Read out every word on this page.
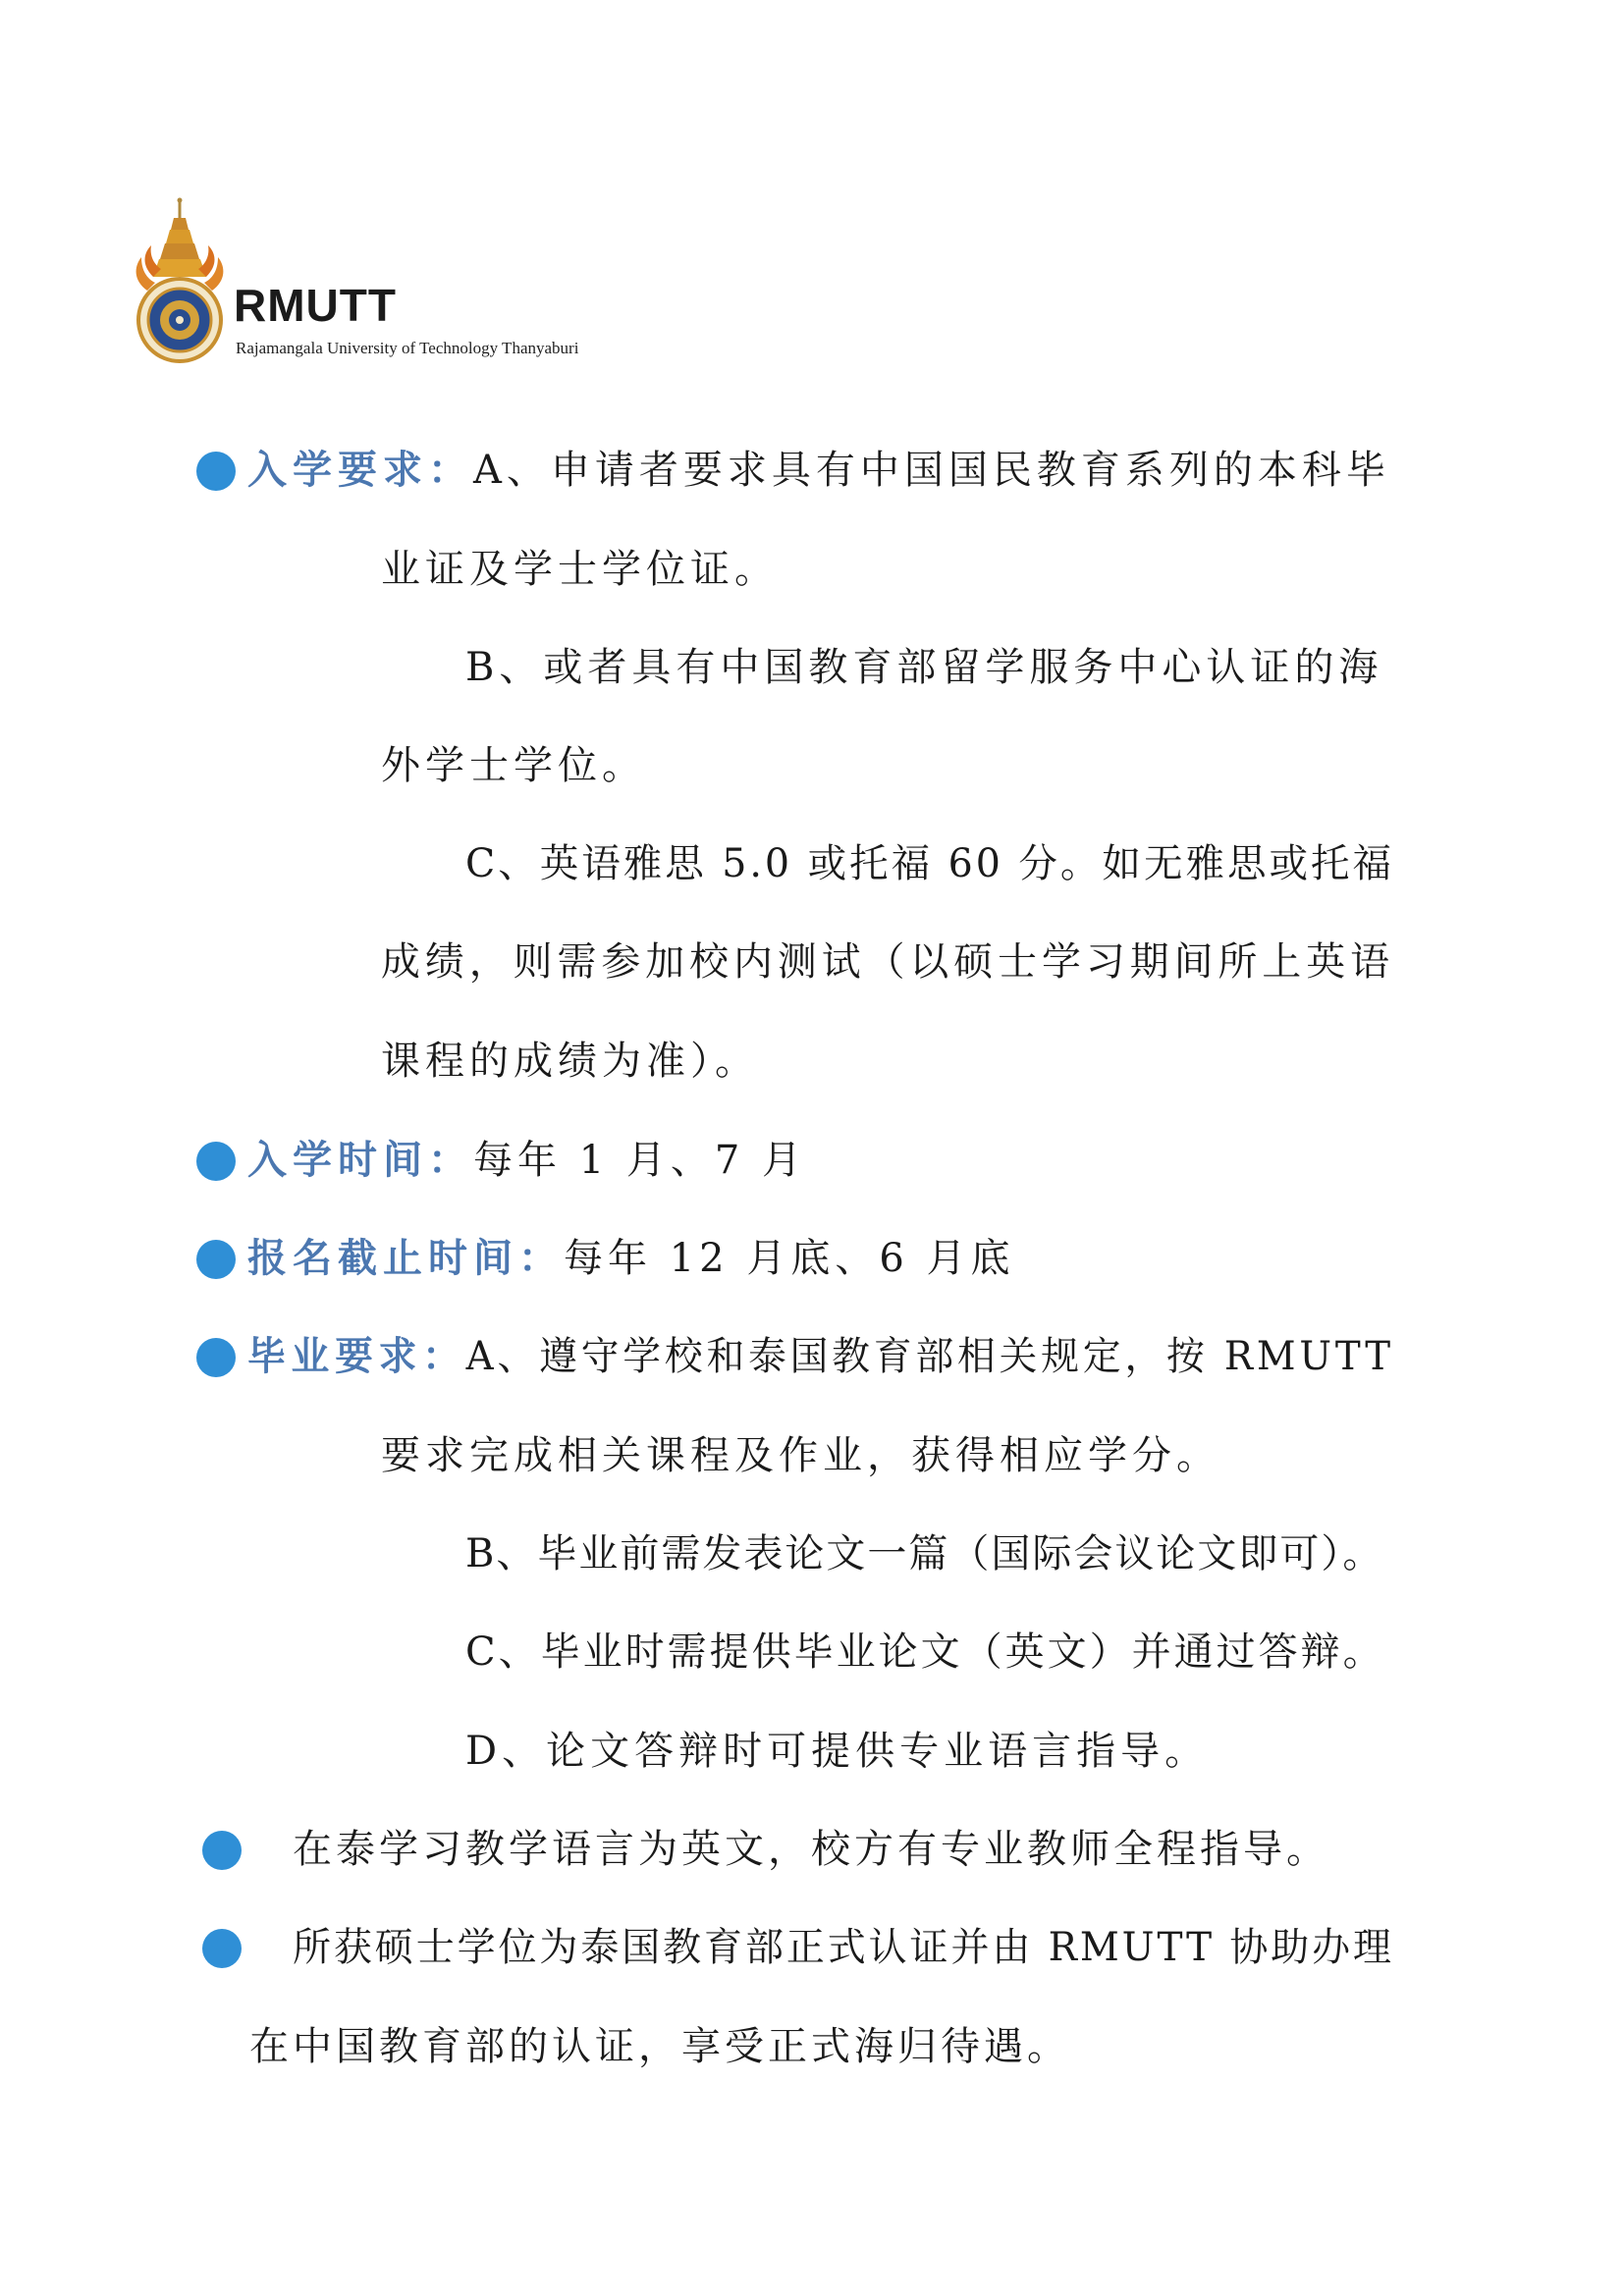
RMUTT
Rajamangala University of Technology Thanyaburi
入学要求：A、申请者要求具有中国国民教育系列的本科毕
业证及学士学位证。
B、或者具有中国教育部留学服务中心认证的海
外学士学位。
C、英语雅思 5.0 或托福 60 分。如无雅思或托福
成绩，则需参加校内测试（以硕士学习期间所上英语
课程的成绩为准）。
入学时间：每年 1 月、7 月
报名截止时间：每年 12 月底、6 月底
毕业要求：A、遵守学校和泰国教育部相关规定，按 RMUTT
要求完成相关课程及作业，获得相应学分。
B、毕业前需发表论文一篇（国际会议论文即可）。
C、毕业时需提供毕业论文（英文）并通过答辩。
D、论文答辩时可提供专业语言指导。
在泰学习教学语言为英文，校方有专业教师全程指导。
所获硕士学位为泰国教育部正式认证并由 RMUTT 协助办理
在中国教育部的认证，享受正式海归待遇。
